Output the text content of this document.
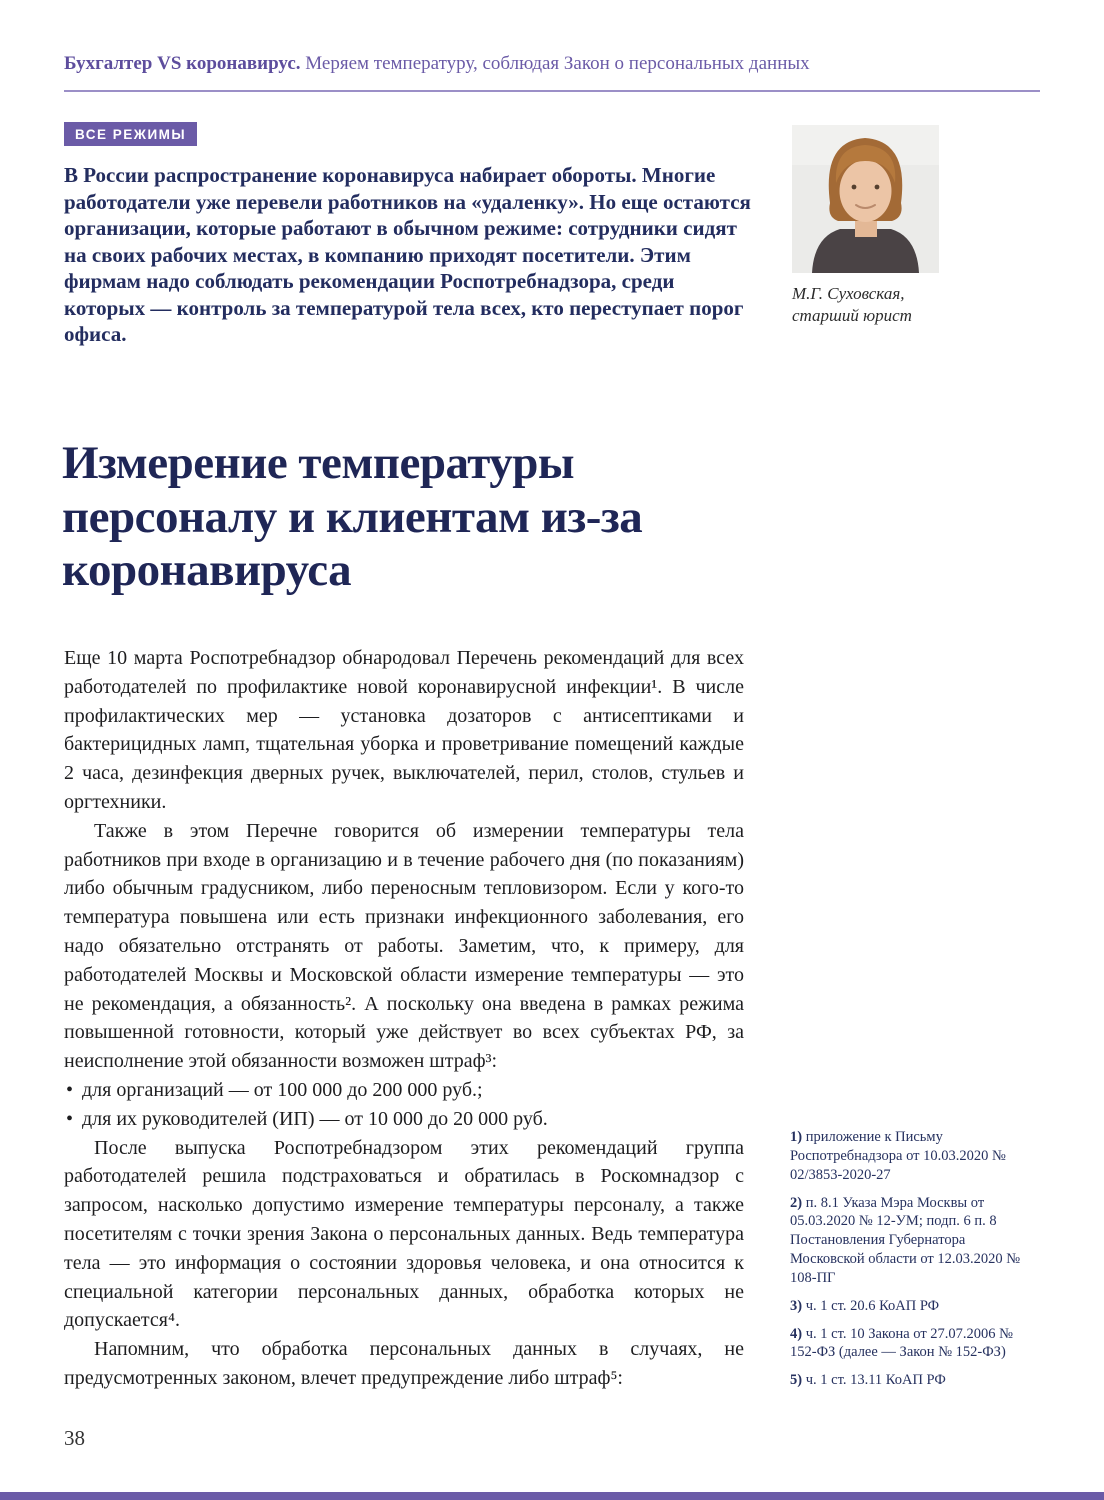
Бухгалтер VS коронавирус. Меряем температуру, соблюдая Закон о персональных данных
ВСЕ РЕЖИМЫ
В России распространение коронавируса набирает обороты. Многие работодатели уже перевели работников на «удаленку». Но еще остаются организации, которые работают в обычном режиме: сотрудники сидят на своих рабочих местах, в компанию приходят посетители. Этим фирмам надо соблюдать рекомендации Роспотребнадзора, среди которых — контроль за температурой тела всех, кто переступает порог офиса.
М.Г. Суховская,
старший юрист
Измерение температуры персоналу и клиентам из-за коронавируса

Еще 10 марта Роспотребнадзор обнародовал Перечень рекомендаций для всех работодателей по профилактике новой коронавирусной инфекции¹. В числе профилактических мер — установка дозаторов с антисептиками и бактерицидных ламп, тщательная уборка и проветривание помещений каждые 2 часа, дезинфекция дверных ручек, выключателей, перил, столов, стульев и оргтехники.

Также в этом Перечне говорится об измерении температуры тела работников при входе в организацию и в течение рабочего дня (по показаниям) либо обычным градусником, либо переносным тепловизором. Если у кого-то температура повышена или есть признаки инфекционного заболевания, его надо обязательно отстранять от работы. Заметим, что, к примеру, для работодателей Москвы и Московской области измерение температуры — это не рекомендация, а обязанность². А поскольку она введена в рамках режима повышенной готовности, который уже действует во всех субъектах РФ, за неисполнение этой обязанности возможен штраф³:

• для организаций — от 100 000 до 200 000 руб.;
• для их руководителей (ИП) — от 10 000 до 20 000 руб.

После выпуска Роспотребнадзором этих рекомендаций группа работодателей решила подстраховаться и обратилась в Роскомнадзор с запросом, насколько допустимо измерение температуры персоналу, а также посетителям с точки зрения Закона о персональных данных. Ведь температура тела — это информация о состоянии здоровья человека, и она относится к специальной категории персональных данных, обработка которых не допускается⁴.

Напомним, что обработка персональных данных в случаях, не предусмотренных законом, влечет предупреждение либо штраф⁵:

1) приложение к Письму Роспотребнадзора от 10.03.2020 № 02/3853-2020-27
2) п. 8.1 Указа Мэра Москвы от 05.03.2020 № 12-УМ; подп. 6 п. 8 Постановления Губернатора Московской области от 12.03.2020 № 108-ПГ
3) ч. 1 ст. 20.6 КоАП РФ
4) ч. 1 ст. 10 Закона от 27.07.2006 № 152-ФЗ (далее — Закон № 152-ФЗ)
5) ч. 1 ст. 13.11 КоАП РФ
38
